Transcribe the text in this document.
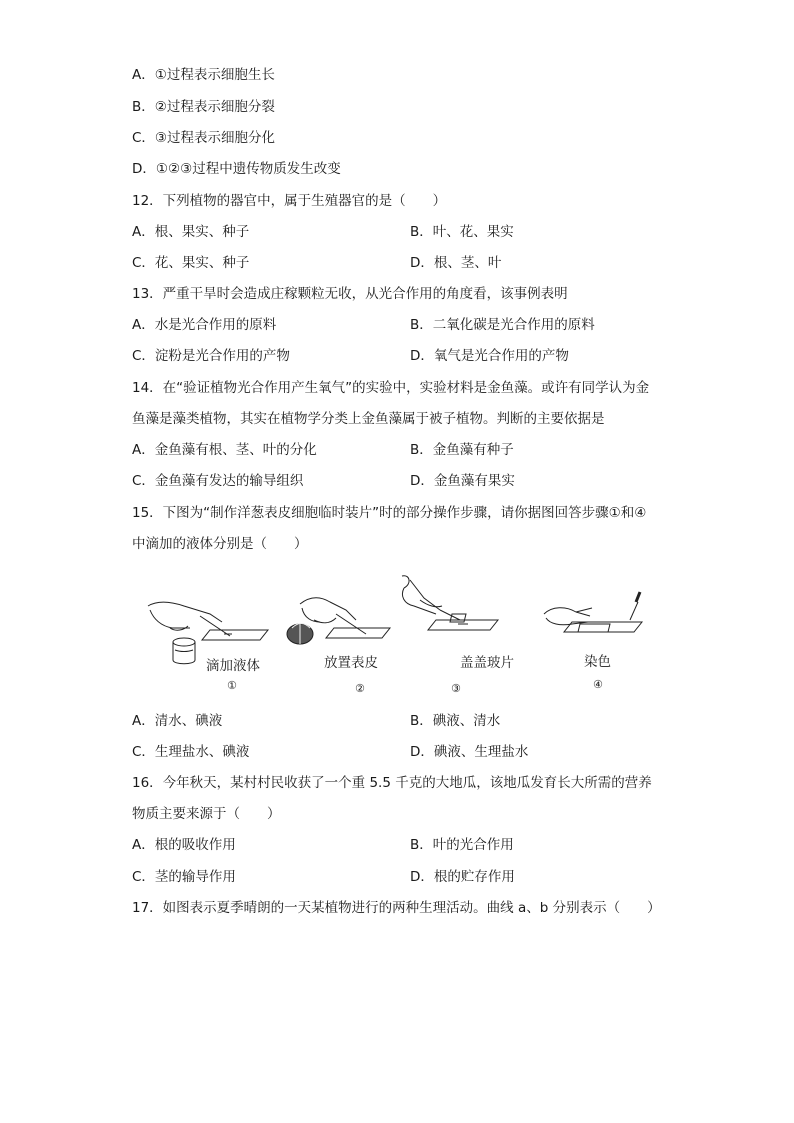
A．①过程表示细胞生长
B．②过程表示细胞分裂
C．③过程表示细胞分化
D．①②③过程中遗传物质发生改变
12．下列植物的器官中，属于生殖器官的是（　　）
A．根、果实、种子	B．叶、花、果实
C．花、果实、种子	D．根、茎、叶
13．严重干旱时会造成庄稼颗粒无收，从光合作用的角度看，该事例表明
A．水是光合作用的原料	B．二氧化碳是光合作用的原料
C．淀粉是光合作用的产物	D．氧气是光合作用的产物
14．在“验证植物光合作用产生氧气”的实验中，实验材料是金鱼藻。或许有同学认为金
鱼藻是藻类植物，其实在植物学分类上金鱼藻属于被子植物。判断的主要依据是
A．金鱼藻有根、茎、叶的分化	B．金鱼藻有种子
C．金鱼藻有发达的输导组织	D．金鱼藻有果实
15．下图为“制作洋葱表皮细胞临时装片”时的部分操作步骤，请你据图回答步骤①和④
中滴加的液体分别是（　　）
滴加液体
①
放置表皮
②
盖盖玻片
③
染色
④
A．清水、碘液	B．碘液、清水
C．生理盐水、碘液	D．碘液、生理盐水
16．今年秋天，某村村民收获了一个重 5.5 千克的大地瓜，该地瓜发育长大所需的营养
物质主要来源于（　　）
A．根的吸收作用	B．叶的光合作用
C．茎的输导作用	D．根的贮存作用
17．如图表示夏季晴朗的一天某植物进行的两种生理活动。曲线 a、b 分别表示（　　）
